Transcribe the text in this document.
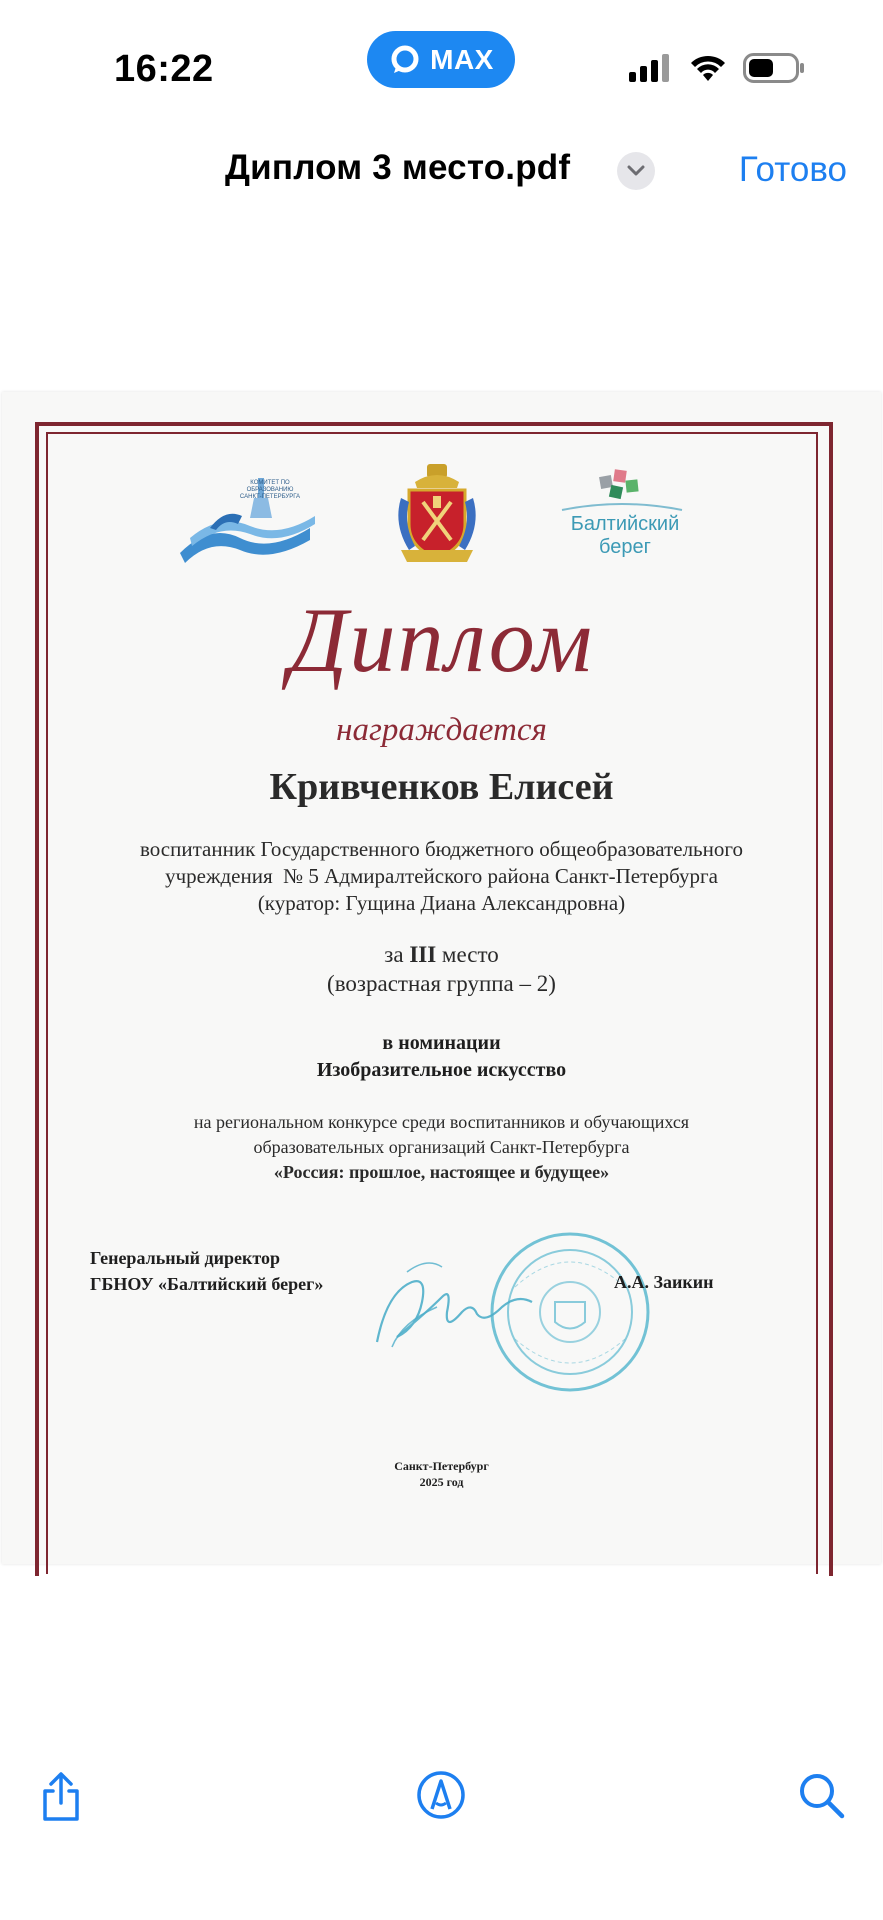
16:22	MAX
Диплом 3 место.pdf	Готово
КОМИТЕТ ПО ОБРАЗОВАНИЮ САНКТ-ПЕТЕРБУРГА
Балтийский
берег
Диплом
награждается
Кривченков Елисей
воспитанник Государственного бюджетного общеобразовательного
учреждения  № 5 Адмиралтейского района Санкт-Петербурга
(куратор: Гущина Диана Александровна)
за III место
(возрастная группа – 2)
в номинации
Изобразительное искусство
на региональном конкурсе среди воспитанников и обучающихся
образовательных организаций Санкт-Петербурга
«Россия: прошлое, настоящее и будущее»
Генеральный директор
ГБНОУ «Балтийский берег»	А.А. Заикин
Санкт-Петербург
2025 год
